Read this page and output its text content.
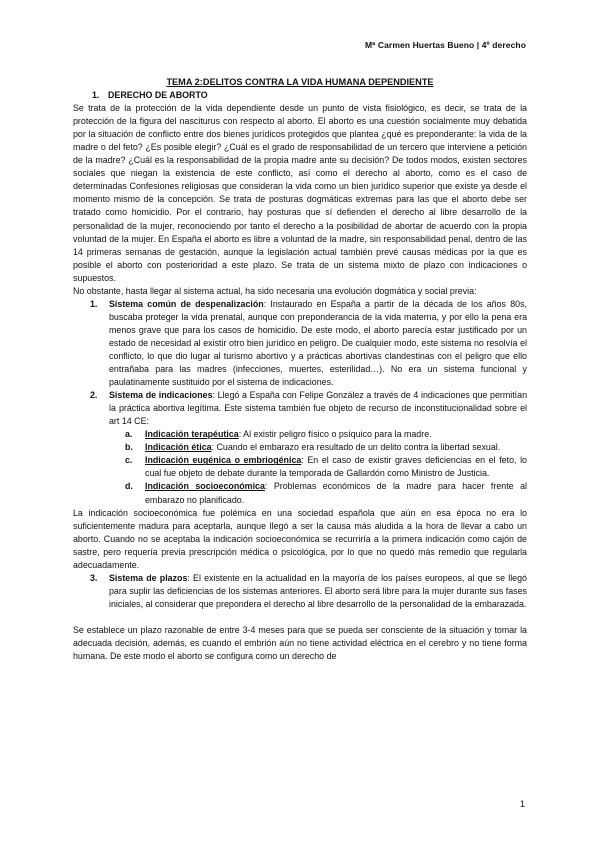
Mª Carmen Huertas Bueno | 4º derecho
TEMA 2:DELITOS CONTRA LA VIDA HUMANA DEPENDIENTE
1. DERECHO DE ABORTO

Se trata de la protección de la vida dependiente desde un punto de vista fisiológico, es decir, se trata de la protección de la figura del nasciturus con respecto al aborto. El aborto es una cuestión socialmente muy debatida por la situación de conflicto entre dos bienes jurídicos protegidos que plantea ¿qué es preponderante: la vida de la madre o del feto? ¿Es posible elegir? ¿Cuál es el grado de responsabilidad de un tercero que interviene a petición de la madre? ¿Cuál es la responsabilidad de la propia madre ante su decisión? De todos modos, existen sectores sociales que niegan la existencia de este conflicto, así como el derecho al aborto, como es el caso de determinadas Confesiones religiosas que consideran la vida como un bien jurídico superior que existe ya desde el momento mismo de la concepción. Se trata de posturas dogmáticas extremas para las que el aborto debe ser tratado como homicidio. Por el contrario, hay posturas que sí defienden el derecho al libre desarrollo de la personalidad de la mujer, reconociendo por tanto el derecho a la posibilidad de abortar de acuerdo con la propia voluntad de la mujer. En España el aborto es libre a voluntad de la madre, sin responsabilidad penal, dentro de las 14 primeras semanas de gestación, aunque la legislación actual también prevé causas médicas por la que es posible el aborto con posterioridad a este plazo. Se trata de un sistema mixto de plazo con indicaciones o supuestos.

No obstante, hasta llegar al sistema actual, ha sido necesaria una evolución dogmática y social previa:

1. Sistema común de despenalización: Instaurado en España a partir de la década de los años 80s, buscaba proteger la vida prenatal, aunque con preponderancia de la vida materna, y por ello la pena era menos grave que para los casos de homicidio. De este modo, el aborto parecía estar justificado por un estado de necesidad al existir otro bien jurídico en peligro. De cualquier modo, este sistema no resolvía el conflicto, lo que dio lugar al turismo abortivo y a prácticas abortivas clandestinas con el peligro que ello entrañaba para las madres (infecciones, muertes, esterilidad…). No era un sistema funcional y paulatinamente sustituido por el sistema de indicaciones.
2. Sistema de indicaciones: Llegó a España con Felipe González a través de 4 indicaciones que permitían la práctica abortiva legítima. Este sistema también fue objeto de recurso de inconstitucionalidad sobre el art 14 CE:
a. Indicación terapéutica: Al existir peligro físico o psíquico para la madre.
b. Indicación ética: Cuando el embarazo era resultado de un delito contra la libertad sexual.
c. Indicación eugénica o embriogénica: En el caso de existir graves deficiencias en el feto, lo cual fue objeto de debate durante la temporada de Gallardón como Ministro de Justicia.
d. Indicación socioeconómica: Problemas económicos de la madre para hacer frente al embarazo no planificado.

La indicación socioeconómica fue polémica en una sociedad española que aún en esa época no era lo suficientemente madura para aceptarla, aunque llegó a ser la causa más aludida a la hora de llevar a cabo un aborto. Cuando no se aceptaba la indicación socioeconómica se recurriría a la primera indicación como cajón de sastre, pero requería previa prescripción médica o psicológica, por lo que no quedó más remedio que regularla adecuadamente.

3. Sistema de plazos: El existente en la actualidad en la mayoría de los países europeos, al que se llegó para suplir las deficiencias de los sistemas anteriores. El aborto será libre para la mujer durante sus fases iniciales, al considerar que prepondera el derecho al libre desarrollo de la personalidad de la embarazada.

Se establece un plazo razonable de entre 3-4 meses para que se pueda ser consciente de la situación y tomar la adecuada decisión, además, es cuando el embrión aún no tiene actividad eléctrica en el cerebro y no tiene forma humana. De este modo el aborto se configura como un derecho de

1
